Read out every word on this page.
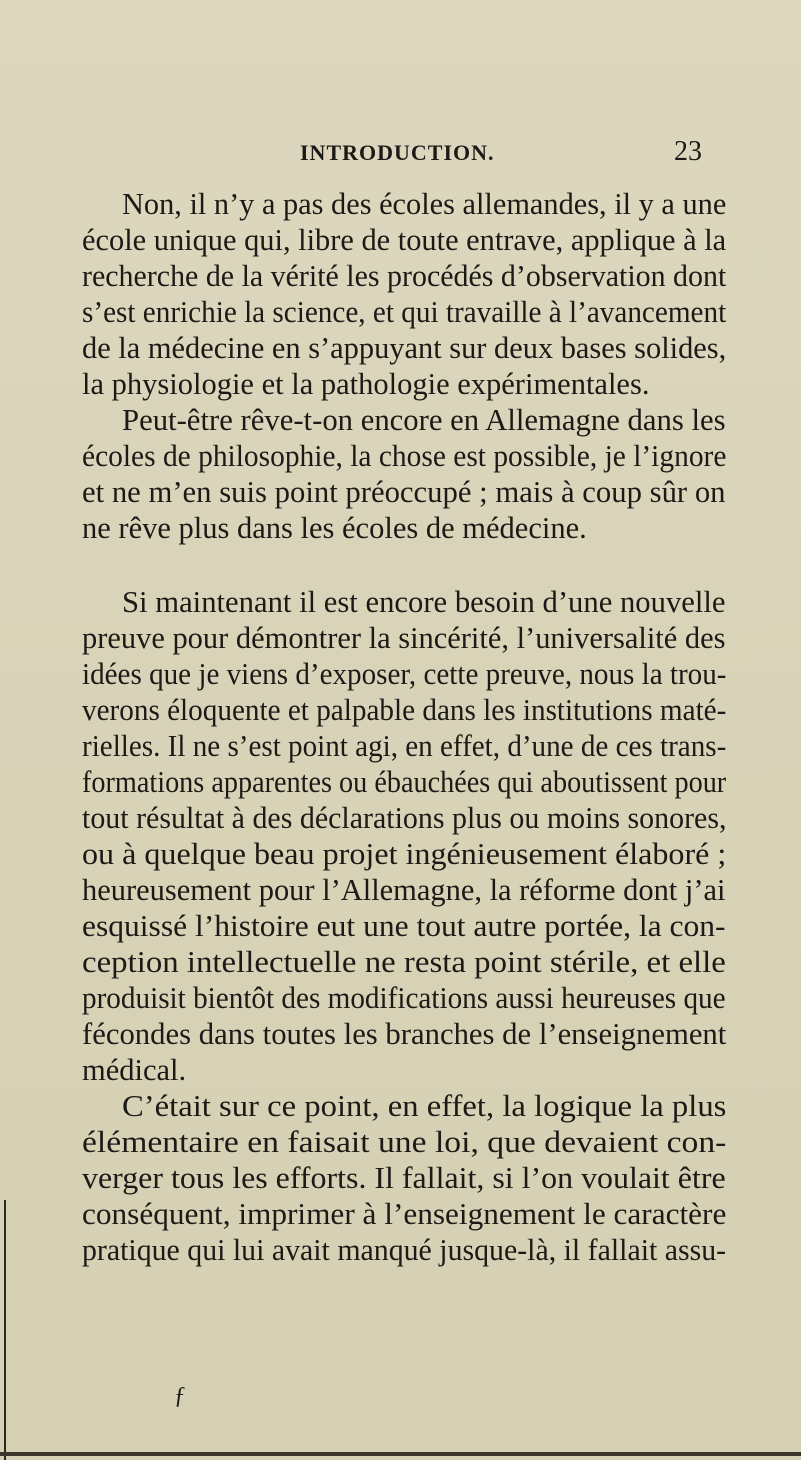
INTRODUCTION.	23
Non, il n’y a pas des écoles allemandes, il y a une
école unique qui, libre de toute entrave, applique à la
recherche de la vérité les procédés d’observation dont
s’est enrichie la science, et qui travaille à l’avancement
de la médecine en s’appuyant sur deux bases solides,
la physiologie et la pathologie expérimentales.
Peut-être rêve-t-on encore en Allemagne dans les
écoles de philosophie, la chose est possible, je l’ignore
et ne m’en suis point préoccupé ; mais à coup sûr on
ne rêve plus dans les écoles de médecine.
Si maintenant il est encore besoin d’une nouvelle
preuve pour démontrer la sincérité, l’universalité des
idées que je viens d’exposer, cette preuve, nous la trou-
verons éloquente et palpable dans les institutions maté-
rielles. Il ne s’est point agi, en effet, d’une de ces trans-
formations apparentes ou ébauchées qui aboutissent pour
tout résultat à des déclarations plus ou moins sonores,
ou à quelque beau projet ingénieusement élaboré ;
heureusement pour l’Allemagne, la réforme dont j’ai
esquissé l’histoire eut une tout autre portée, la con-
ception intellectuelle ne resta point stérile, et elle
produisit bientôt des modifications aussi heureuses que
fécondes dans toutes les branches de l’enseignement
médical.
C’était sur ce point, en effet, la logique la plus
élémentaire en faisait une loi, que devaient con-
verger tous les efforts. Il fallait, si l’on voulait être
conséquent, imprimer à l’enseignement le caractère
pratique qui lui avait manqué jusque-là, il fallait assu-
ƒ
